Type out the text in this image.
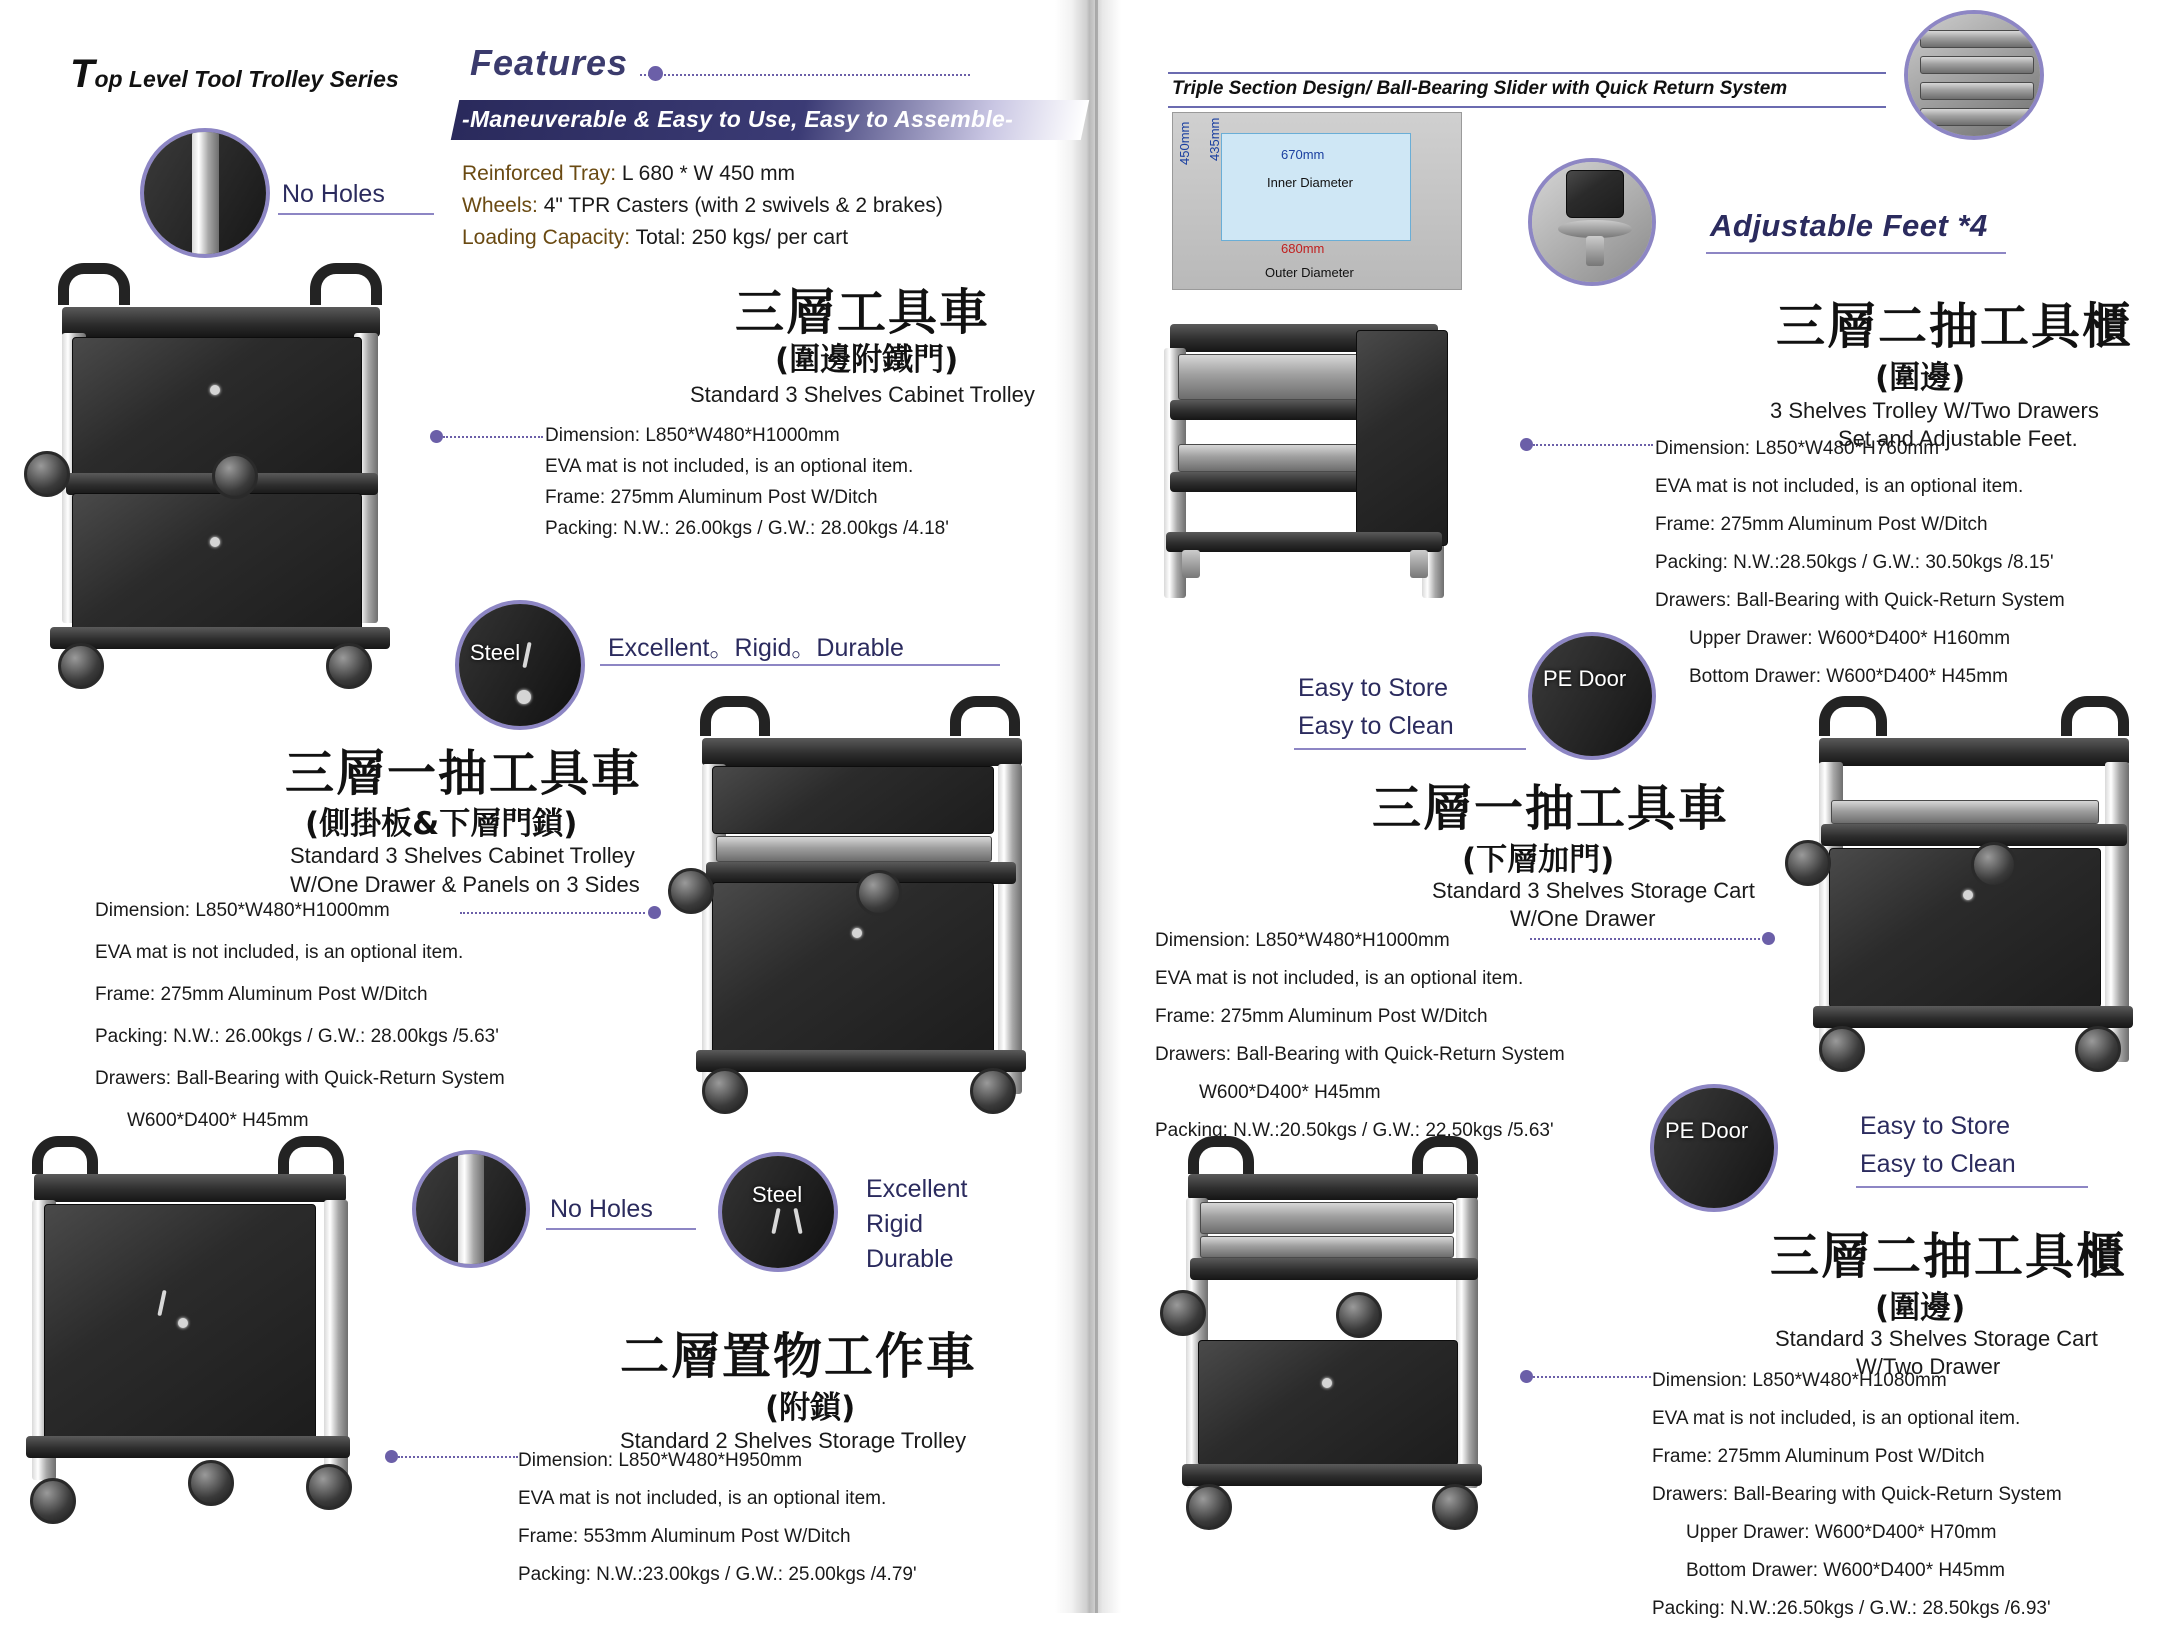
Top Level Tool Trolley Series Features
-Maneuverable & Easy to Use, Easy to Assemble-
Reinforced Tray: L 680 * W 450 mm
Wheels: 4" TPR Casters (with 2 swivels & 2 brakes)
Loading Capacity: Total: 250 kgs/ per cart
No Holes
三層工具車
(圍邊附鐵門)
Standard 3 Shelves Cabinet Trolley
Dimension: L850*W480*H1000mm
EVA mat is not included, is an optional item.
Frame: 275mm Aluminum Post W/Ditch
Packing: N.W.: 26.00kgs / G.W.: 28.00kgs /4.18'
Steel	Excellent。Rigid。Durable
三層一抽工具車
(側掛板&下層門鎖)
Standard 3 Shelves Cabinet Trolley
W/One Drawer & Panels on 3 Sides
Dimension: L850*W480*H1000mm
EVA mat is not included, is an optional item.
Frame: 275mm Aluminum Post W/Ditch
Packing: N.W.: 26.00kgs / G.W.: 28.00kgs /5.63'
Drawers: Ball-Bearing with Quick-Return System
W600*D400* H45mm
No Holes
Steel	Excellent
Rigid
Durable
二層置物工作車
(附鎖)
Standard 2 Shelves Storage Trolley
Dimension: L850*W480*H950mm
EVA mat is not included, is an optional item.
Frame: 553mm Aluminum Post W/Ditch
Packing: N.W.:23.00kgs / G.W.: 25.00kgs /4.79'
Triple Section Design/ Ball-Bearing Slider with Quick Return System
450mm 435mm	670mm
Inner Diameter
680mm
Outer Diameter
Adjustable Feet *4
三層二抽工具櫃
(圍邊)
3 Shelves Trolley W/Two Drawers
Set and Adjustable Feet.
Dimension: L850*W480*H760mm
EVA mat is not included, is an optional item.
Frame: 275mm Aluminum Post W/Ditch
Packing: N.W.:28.50kgs / G.W.: 30.50kgs /8.15'
Drawers: Ball-Bearing with Quick-Return System
Upper Drawer: W600*D400* H160mm
Bottom Drawer: W600*D400* H45mm
PE Door
Easy to Store
Easy to Clean
三層一抽工具車
(下層加門)
Standard 3 Shelves Storage Cart
W/One Drawer
Dimension: L850*W480*H1000mm
EVA mat is not included, is an optional item.
Frame: 275mm Aluminum Post W/Ditch
Drawers: Ball-Bearing with Quick-Return System
W600*D400* H45mm
Packing: N.W.:20.50kgs / G.W.: 22.50kgs /5.63'	PE Door	Easy to Store
Easy to Clean
三層二抽工具櫃
(圍邊)
Standard 3 Shelves Storage Cart
W/Two Drawer
Dimension: L850*W480*H1080mm
EVA mat is not included, is an optional item.
Frame: 275mm Aluminum Post W/Ditch
Drawers: Ball-Bearing with Quick-Return System
Upper Drawer: W600*D400* H70mm
Bottom Drawer: W600*D400* H45mm
Packing: N.W.:26.50kgs / G.W.: 28.50kgs /6.93'
